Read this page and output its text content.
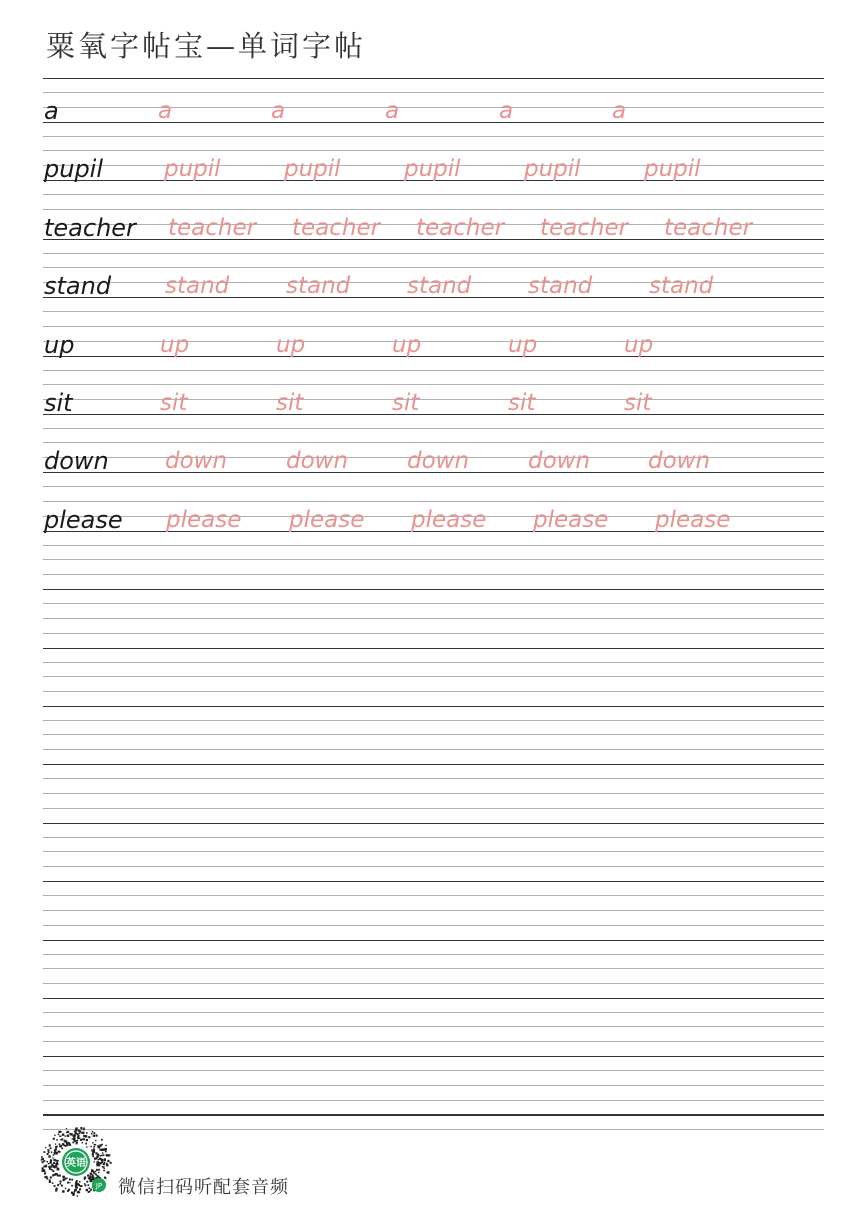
粟氧字帖宝—单词字帖
a	a	a	a	a	a
pupil	pupil	pupil	pupil	pupil	pupil
teacher teacher teacher teacher teacher teacher
stand stand stand stand stand stand
up	up	up	up	up	up
sit	sit	sit	sit	sit	sit
down down	down	down	down	down
please please please please please please
英语
JP 微信扫码听配套音频
